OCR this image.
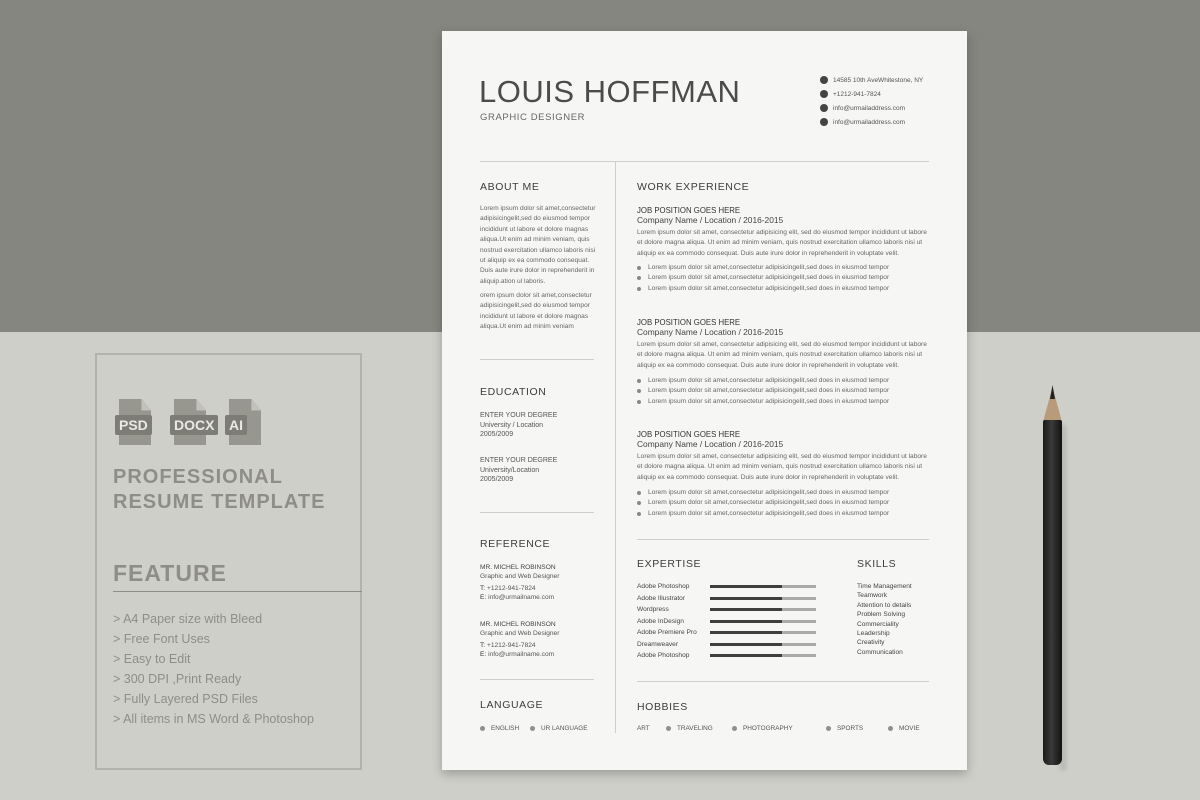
PSD DOCX AI
PROFESSIONAL
RESUME TEMPLATE
FEATURE
> A4 Paper size with Bleed
> Free Font Uses
> Easy to Edit
> 300 DPI ,Print Ready
> Fully Layered PSD Files
> All items in MS Word & Photoshop
LOUIS HOFFMAN
GRAPHIC DESIGNER
14585 10th AveWhitestone, NY
+1212-941-7824
info@urmailaddress.com
info@urmailaddress.com
ABOUT ME
Lorem ipsum dolor sit amet,consectetur adipisicingelit,sed do eiusmod tempor incididunt ut labore et dolore magnas aliqua.Ut enim ad minim veniam, quis nostrud exercitation ullamco laboris nisi ut aliquip ex ea commodo consequat. Duis aute irure dolor in reprehenderit in aliquip.ation ul laboris.
orem ipsum dolor sit amet,consectetur adipisicingelit,sed do eiusmod tempor incididunt ut labore et dolore magnas aliqua.Ut enim ad minim veniam
EDUCATION
ENTER YOUR DEGREE
University / Location
2005/2009
ENTER YOUR DEGREE
University/Location
2005/2009
REFERENCE
MR. MICHEL ROBINSON
Graphic and Web Designer
T: +1212-941-7824
E: info@urmailname.com
MR. MICHEL ROBINSON
Graphic and Web Designer
T: +1212-941-7824
E: info@urmailname.com
LANGUAGE
ENGLISH	UR LANGUAGE
WORK EXPERIENCE
JOB POSITION GOES HERE
Company Name / Location / 2016-2015
Lorem ipsum dolor sit amet, consectetur adipisicing elit, sed do eiusmod tempor incididunt ut labore et dolore magna aliqua. Ut enim ad minim veniam, quis nostrud exercitation ullamco laboris nisi ut aliquip ex ea commodo consequat. Duis aute irure dolor in reprehenderit in voluptate velit.
Lorem ipsum dolor sit amet,consectetur adipisicingelit,sed does in eiusmod tempor
Lorem ipsum dolor sit amet,consectetur adipisicingelit,sed does in eiusmod tempor
Lorem ipsum dolor sit amet,consectetur adipisicingelit,sed does in eiusmod tempor
JOB POSITION GOES HERE
Company Name / Location / 2016-2015
Lorem ipsum dolor sit amet, consectetur adipisicing elit, sed do eiusmod tempor incididunt ut labore et dolore magna aliqua. Ut enim ad minim veniam, quis nostrud exercitation ullamco laboris nisi ut aliquip ex ea commodo consequat. Duis aute irure dolor in reprehenderit in voluptate velit.
Lorem ipsum dolor sit amet,consectetur adipisicingelit,sed does in eiusmod tempor
Lorem ipsum dolor sit amet,consectetur adipisicingelit,sed does in eiusmod tempor
Lorem ipsum dolor sit amet,consectetur adipisicingelit,sed does in eiusmod tempor
JOB POSITION GOES HERE
Company Name / Location / 2016-2015
Lorem ipsum dolor sit amet, consectetur adipisicing elit, sed do eiusmod tempor incididunt ut labore et dolore magna aliqua. Ut enim ad minim veniam, quis nostrud exercitation ullamco laboris nisi ut aliquip ex ea commodo consequat. Duis aute irure dolor in reprehenderit in voluptate velit.
Lorem ipsum dolor sit amet,consectetur adipisicingelit,sed does in eiusmod tempor
Lorem ipsum dolor sit amet,consectetur adipisicingelit,sed does in eiusmod tempor
Lorem ipsum dolor sit amet,consectetur adipisicingelit,sed does in eiusmod tempor
EXPERTISE	SKILLS
HOBBIES
ART	TRAVELING	PHOTOGRAPHY	SPORTS	MOVIE
Adobe Photoshop
Adobe Illustrator
Wordpress
Adobe InDesign
Adobe Premiere Pro
Dreamweaver
Adobe Photoshop
Time Management
Teamwork
Attention to details
Problem Solving
Commerciality
Leadership
Creativity
Communication
